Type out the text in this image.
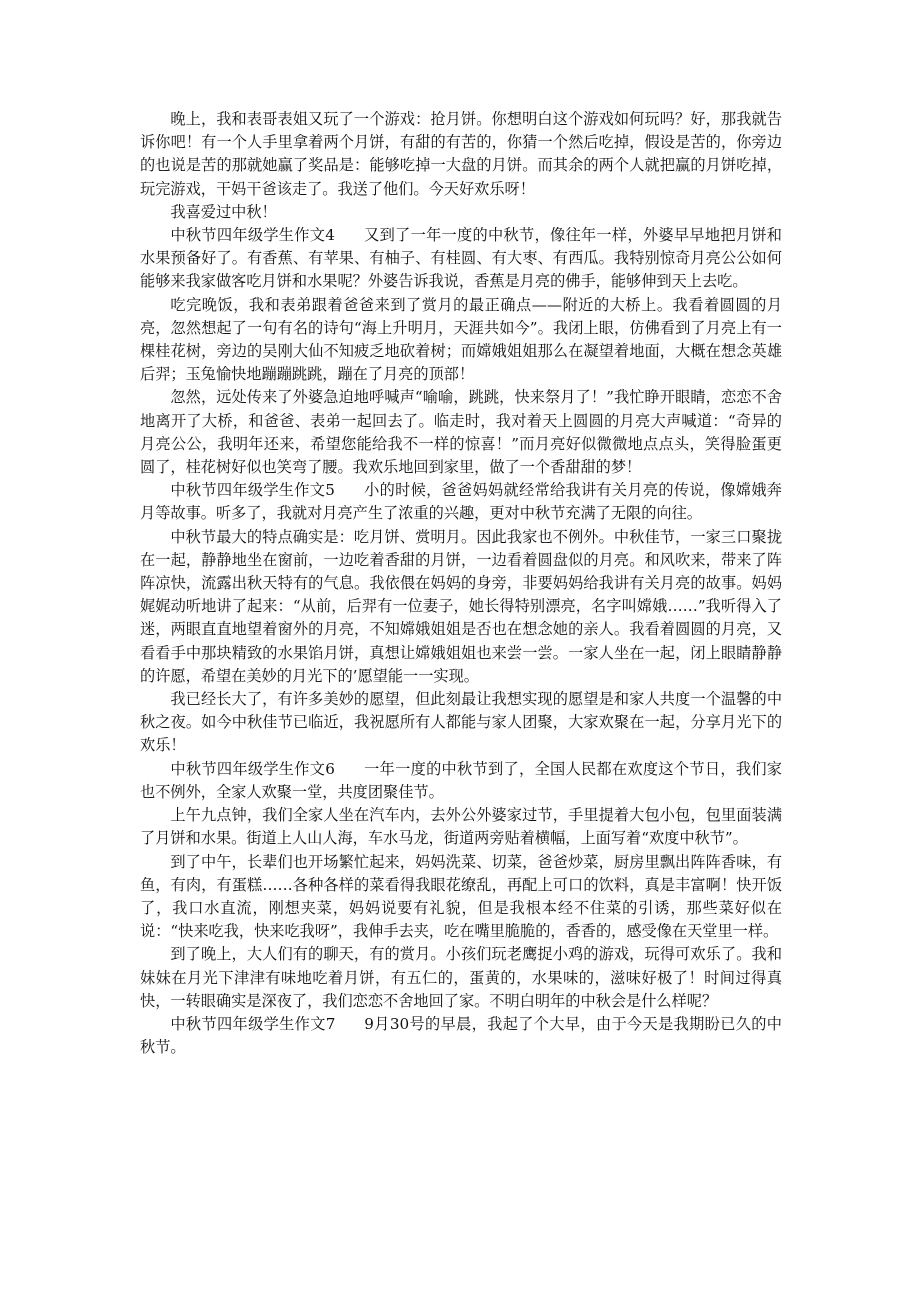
晚上，我和表哥表姐又玩了一个游戏：抢月饼。你想明白这个游戏如何玩吗？好，那我就告诉你吧！有一个人手里拿着两个月饼，有甜的有苦的，你猜一个然后吃掉，假设是苦的，你旁边的也说是苦的那就她赢了奖品是：能够吃掉一大盘的月饼。而其余的两个人就把赢的月饼吃掉，玩完游戏，干妈干爸该走了。我送了他们。今天好欢乐呀！

我喜爱过中秋！

中秋节四年级学生作文4 又到了一年一度的中秋节，像往年一样，外婆早早地把月饼和水果预备好了。有香蕉、有苹果、有柚子、有桂圆、有大枣、有西瓜。我特别惊奇月亮公公如何能够来我家做客吃月饼和水果呢？外婆告诉我说，香蕉是月亮的佛手，能够伸到天上去吃。

吃完晚饭，我和表弟跟着爸爸来到了赏月的最正确点——附近的大桥上。我看着圆圆的月亮，忽然想起了一句有名的诗句“海上升明月，天涯共如今”。我闭上眼，仿佛看到了月亮上有一棵桂花树，旁边的吴刚大仙不知疲乏地砍着树；而嫦娥姐姐那么在凝望着地面，大概在想念英雄后羿；玉兔愉快地蹦蹦跳跳，蹦在了月亮的顶部！

忽然，远处传来了外婆急迫地呼喊声“喻喻，跳跳，快来祭月了！”我忙睁开眼睛，恋恋不舍地离开了大桥，和爸爸、表弟一起回去了。临走时，我对着天上圆圆的月亮大声喊道：“奇异的月亮公公，我明年还来，希望您能给我不一样的惊喜！”而月亮好似微微地点点头，笑得脸蛋更圆了，桂花树好似也笑弯了腰。我欢乐地回到家里，做了一个香甜甜的梦！

中秋节四年级学生作文5 小的时候，爸爸妈妈就经常给我讲有关月亮的传说，像嫦娥奔月等故事。听多了，我就对月亮产生了浓重的兴趣，更对中秋节充满了无限的向往。

中秋节最大的特点确实是：吃月饼、赏明月。因此我家也不例外。中秋佳节，一家三口聚拢在一起，静静地坐在窗前，一边吃着香甜的月饼，一边看着圆盘似的月亮。和风吹来，带来了阵阵凉快，流露出秋天特有的气息。我依偎在妈妈的身旁，非要妈妈给我讲有关月亮的故事。妈妈娓娓动听地讲了起来：“从前，后羿有一位妻子，她长得特别漂亮，名字叫嫦娥……”我听得入了迷，两眼直直地望着窗外的月亮，不知嫦娥姐姐是否也在想念她的亲人。我看着圆圆的月亮，又看看手中那块精致的水果馅月饼，真想让嫦娥姐姐也来尝一尝。一家人坐在一起，闭上眼睛静静的许愿，希望在美妙的月光下的’愿望能一一实现。

我已经长大了，有许多美妙的愿望，但此刻最让我想实现的愿望是和家人共度一个温馨的中秋之夜。如今中秋佳节已临近，我祝愿所有人都能与家人团聚，大家欢聚在一起，分享月光下的欢乐！

中秋节四年级学生作文6 一年一度的中秋节到了，全国人民都在欢度这个节日，我们家也不例外，全家人欢聚一堂，共度团聚佳节。

上午九点钟，我们全家人坐在汽车内，去外公外婆家过节，手里提着大包小包，包里面装满了月饼和水果。街道上人山人海，车水马龙，街道两旁贴着横幅，上面写着“欢度中秋节”。

到了中午，长辈们也开场繁忙起来，妈妈洗菜、切菜，爸爸炒菜，厨房里飘出阵阵香味，有鱼，有肉，有蛋糕……各种各样的菜看得我眼花缭乱，再配上可口的饮料，真是丰富啊！快开饭了，我口水直流，刚想夹菜，妈妈说要有礼貌，但是我根本经不住菜的引诱，那些菜好似在说：“快来吃我，快来吃我呀”，我伸手去夹，吃在嘴里脆脆的，香香的，感受像在天堂里一样。

到了晚上，大人们有的聊天，有的赏月。小孩们玩老鹰捉小鸡的游戏，玩得可欢乐了。我和妹妹在月光下津津有味地吃着月饼，有五仁的，蛋黄的，水果味的，滋味好极了！时间过得真快，一转眼确实是深夜了，我们恋恋不舍地回了家。不明白明年的中秋会是什么样呢？

中秋节四年级学生作文7 9月30号的早晨，我起了个大早，由于今天是我期盼已久的中秋节。
